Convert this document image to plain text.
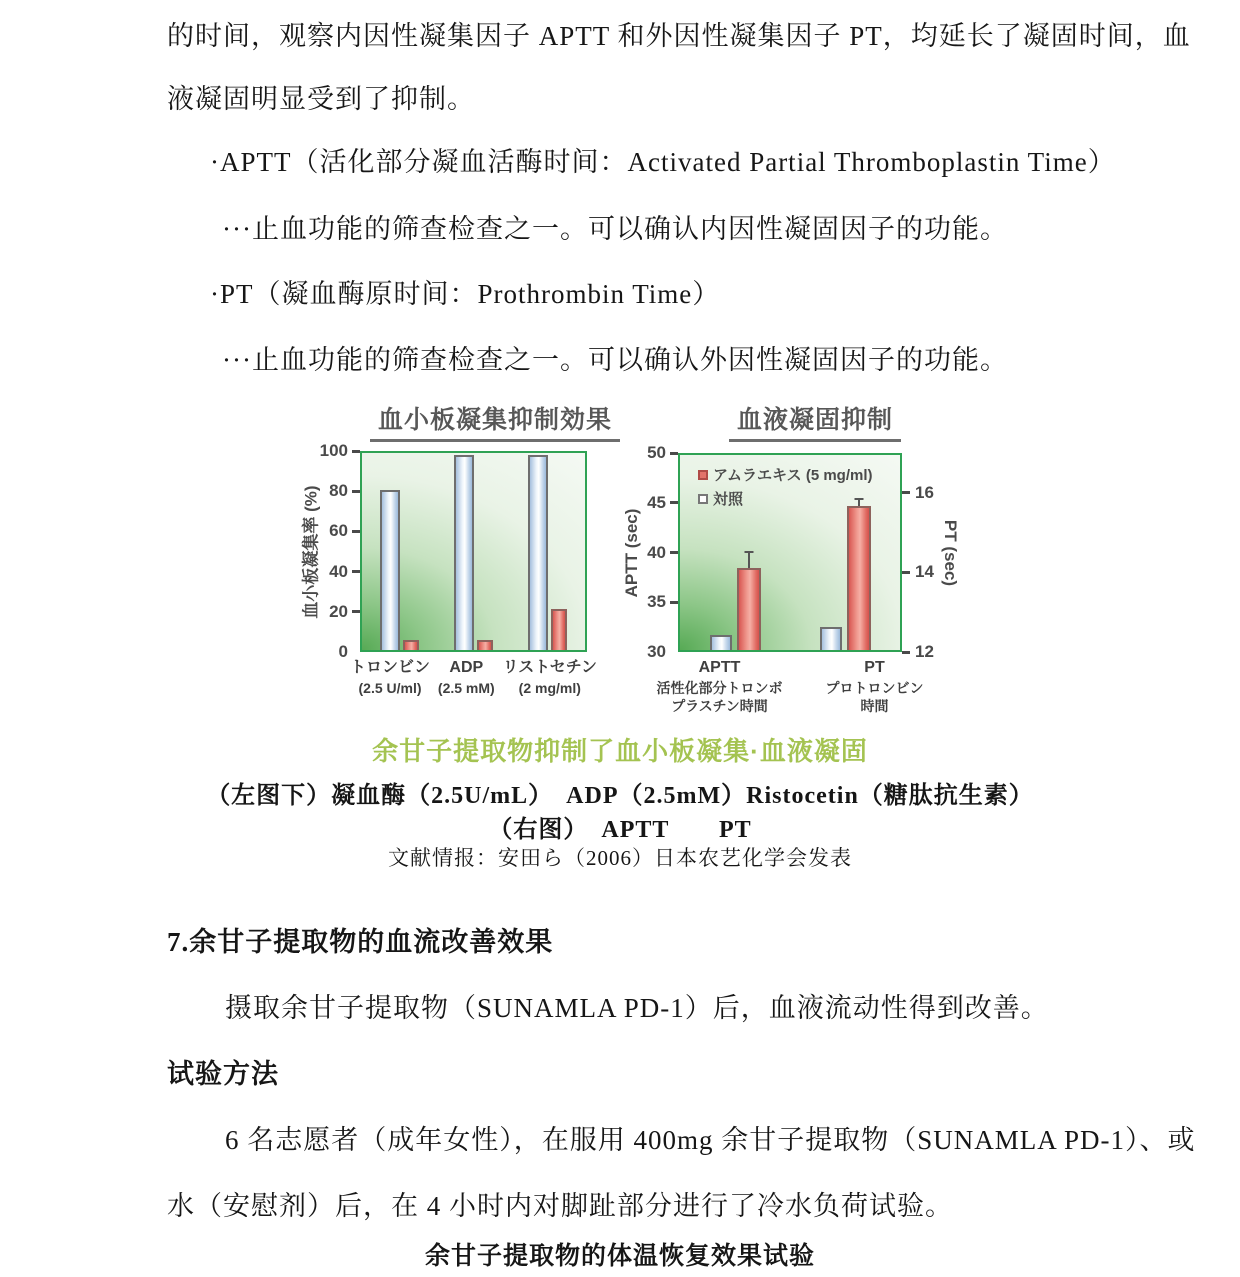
的时间，观察内因性凝集因子 APTT 和外因性凝集因子 PT，均延长了凝固时间，血
液凝固明显受到了抑制。
·APTT（活化部分凝血活酶时间：Activated Partial Thromboplastin Time）
···止血功能的筛查检查之一。可以确认内因性凝固因子的功能。
·PT（凝血酶原时间：Prothrombin Time）
···止血功能的筛查检查之一。可以确认外因性凝固因子的功能。
血小板凝集抑制効果
血小板凝集率 (%)
0
20
40
60
80
100
トロンビン
(2.5 U/ml)
ADP
(2.5 mM)
リストセチン
(2 mg/ml)
血液凝固抑制
APTT (sec)	PT (sec)
30
35
40
45
50
12
14
16
アムラエキス (5 mg/ml)
対照
APTT
活性化部分トロンボ
プラスチン時間
PT
プロトロンビン
時間
余甘子提取物抑制了血小板凝集·血液凝固
（左图下）凝血酶（2.5U/mL）　ADP（2.5mM）Ristocetin（糖肽抗生素）
（右图）　APTT　　PT
文献情报：安田ら（2006）日本农艺化学会发表
7.余甘子提取物的血流改善效果
摄取余甘子提取物（SUNAMLA PD-1）后，血液流动性得到改善。
试验方法
6 名志愿者（成年女性），在服用 400mg 余甘子提取物（SUNAMLA PD-1）、或
水（安慰剂）后，在 4 小时内对脚趾部分进行了冷水负荷试验。
余甘子提取物的体温恢复效果试验
